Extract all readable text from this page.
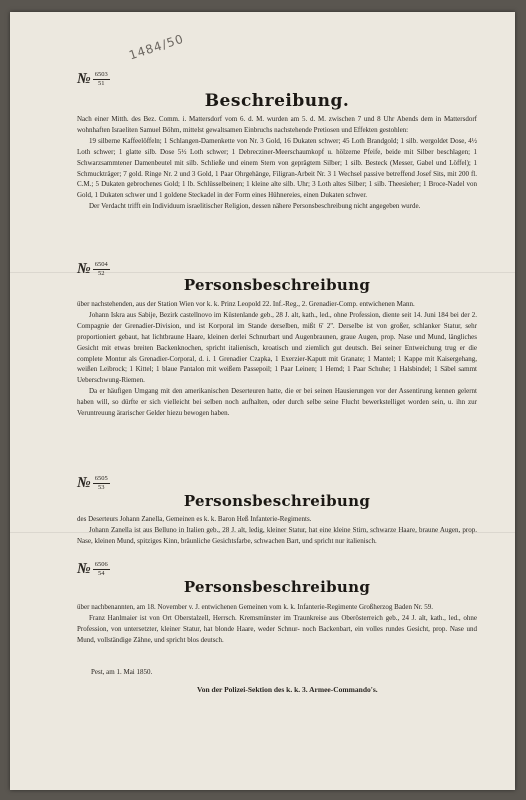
1484/50
№ $\frac{6503}{51}$
Beschreibung.

Nach einer Mitth. des Bez. Comm. i. Mattersdorf vom 6. d. M. wurden am 5. d. M. zwischen 7 und 8 Uhr Abends dem in Mattersdorf wohnhaften Israeliten Samuel Böhm, mittelst gewaltsamen Einbruchs nachstehende Pretiosen und Effekten gestohlen:

19 silberne Kaffeelöffeln; 1 Schlangen-Damenkette von Nr. 3 Gold, 16 Dukaten schwer; 45 Loth Brandgold; 1 silb. wergoldet Dose, 4½ Loth schwer; 1 glatte silb. Dose 5½ Loth schwer; 1 Debrecziner-Meerschaumkopf u. hölzerne Pfeife, beide mit Silber beschlagen; 1 Schwarzsammtener Damenbeutel mit silb. Schließe und einem Stern von geprägtem Silber; 1 silb. Besteck (Messer, Gabel und Löffel); 1 Schmuckträger; 7 gold. Ringe Nr. 2 und 3 Gold, 1 Paar Ohrgehänge, Filigran-Arbeit Nr. 3 1 Wechsel passive betreffend Josef Sits, mit 200 fl. C.M.; 5 Dukaten gebrochenes Gold; 1 lb. Schlüsselbeinen; 1 kleine alte silb. Uhr; 3 Loth altes Silber; 1 silb. Theesieher; 1 Broce-Nadel von Gold, 1 Dukaten schwer und 1 goldene Steckadel in der Form eines Hühnereies, einen Dukaten schwer.

Der Verdacht trifft ein Individuum israelitischer Religion, dessen nähere Personsbeschreibung nicht angegeben wurde.

№ $\frac{6504}{52}$
Personsbeschreibung

über nachstehenden, aus der Station Wien vor k. k. Prinz Leopold 22. Inf.-Reg., 2. Grenadier-Comp. entwichenen Mann.

Johann Iskra aus Sabije, Bezirk castellnovo im Küstenlande geb., 28 J. alt, kath., led., ohne Profession, diente seit 14. Juni 184 bei der 2. Compagnie der Grenadier-Division, und ist Korporal im Stande derselben, mißt 6' 2''. Derselbe ist von großer, schlanker Statur, sehr proportioniert gebaut, hat lichtbraune Haare, kleinen derlei Schnurbart und Augenbraunen, graue Augen, prop. Nase und Mund, längliches Gesicht mit etwas breiten Backenknochen, spricht italienisch, kroatisch und ziemlich gut deutsch. Bei seiner Entweichung trug er die complete Montur als Grenadier-Corporal, d. i. 1 Grenadier Czapka, 1 Exerzier-Kaputt mit Granate; 1 Mantel; 1 Kappe mit Kaisergehang, weißen Leibrock; 1 Kittel; 1 blaue Pantalon mit weißem Passepoil; 1 Paar Leinen; 1 Hemd; 1 Paar Schuhe; 1 Halsbindel; 1 Säbel sammt Ueberschwung-Riemen.

Da er häufigen Umgang mit den amerikanischen Deserteuren hatte, die er bei seinen Hausierungen vor der Assentirung kennen gelernt haben will, so dürfte er sich vielleicht bei selben noch aufhalten, oder durch selbe seine Flucht bewerkstelliget worden sein, u. ihn zur Veruntreuung ärarischer Gelder hiezu bewogen haben.

№ $\frac{6505}{53}$
Personsbeschreibung

des Deserteurs Johann Zanella, Gemeinen es k. k. Baron Heß Infanterie-Regiments.

Johann Zanella ist aus Belluno in Italien geb., 28 J. alt, ledig, kleiner Statur, hat eine kleine Stirn, schwarze Haare, braune Augen, prop. Nase, kleinen Mund, spitziges Kinn, bräunliche Gesichtsfarbe, schwachen Bart, und spricht nur italienisch.

№ $\frac{6506}{54}$
Personsbeschreibung

über nachbenannten, am 18. November v. J. entwichenen Gemeinen vom k. k. Infanterie-Regimente Großherzog Baden Nr. 59.

Franz Hanlmaier ist von Ort Oberstalzell, Herrsch. Kremsmünster im Traunkreise aus Oberösterreich geb., 24 J. alt, kath., led., ohne Profession, von untersetzter, kleiner Statur, hat blonde Haare, weder Schnur- noch Backenbart, ein volles rundes Gesicht, prop. Nase und Mund, vollständige Zähne, und spricht blos deutsch.

Pest, am 1. Mai 1850.
Von der Polizei-Sektion des k. k. 3. Armee-Commando's.
